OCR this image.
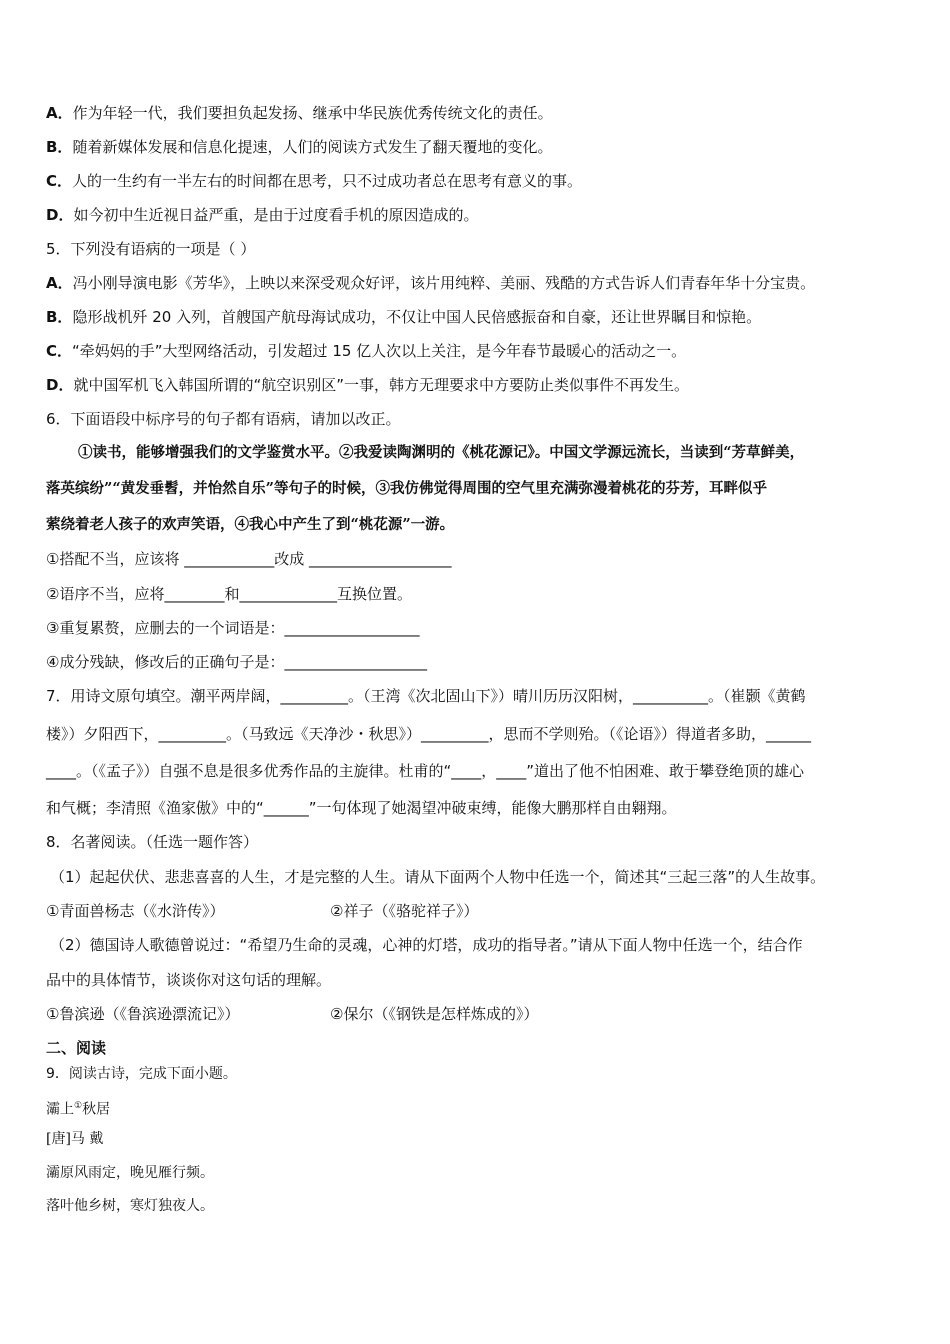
A．作为年轻一代，我们要担负起发扬、继承中华民族优秀传统文化的责任。
B．随着新媒体发展和信息化提速，人们的阅读方式发生了翻天覆地的变化。
C．人的一生约有一半左右的时间都在思考，只不过成功者总在思考有意义的事。
D．如今初中生近视日益严重，是由于过度看手机的原因造成的。
5．下列没有语病的一项是（ ）
A．冯小刚导演电影《芳华》，上映以来深受观众好评，该片用纯粹、美丽、残酷的方式告诉人们青春年华十分宝贵。
B．隐形战机歼 20 入列，首艘国产航母海试成功，不仅让中国人民倍感振奋和自豪，还让世界瞩目和惊艳。
C．“牵妈妈的手”大型网络活动，引发超过 15 亿人次以上关注，是今年春节最暖心的活动之一。
D．就中国军机飞入韩国所谓的“航空识别区”一事，韩方无理要求中方要防止类似事件不再发生。
6．下面语段中标序号的句子都有语病，请加以改正。
①读书，能够增强我们的文学鉴赏水平。②我爱读陶渊明的《桃花源记》。中国文学源远流长，当读到“芳草鲜美，
落英缤纷”“黄发垂髫，并怡然自乐”等句子的时候，③我仿佛觉得周围的空气里充满弥漫着桃花的芬芳，耳畔似乎
萦绕着老人孩子的欢声笑语，④我心中产生了到“桃花源”一游。
①搭配不当，应该将 ____________改成 ___________________
②语序不当，应将________和_____________互换位置。
③重复累赘，应删去的一个词语是：__________________
④成分残缺，修改后的正确句子是：___________________
7．用诗文原句填空。潮平两岸阔，_________。（王湾《次北固山下》）晴川历历汉阳树，__________。（崔颢《黄鹤
楼》）夕阳西下，_________。（马致远《天净沙・秋思》）_________，思而不学则殆。（《论语》）得道者多助，______
____。（《孟子》）自强不息是很多优秀作品的主旋律。杜甫的“____，____”道出了他不怕困难、敢于攀登绝顶的雄心
和气概；李清照《渔家傲》中的“______”一句体现了她渴望冲破束缚，能像大鹏那样自由翱翔。
8．名著阅读。（任选一题作答）
（1）起起伏伏、悲悲喜喜的人生，才是完整的人生。请从下面两个人物中任选一个，简述其“三起三落”的人生故事。
①青面兽杨志（《水浒传》）	②祥子（《骆驼祥子》）
（2）德国诗人歌德曾说过：“希望乃生命的灵魂，心神的灯塔，成功的指导者。”请从下面人物中任选一个，结合作
品中的具体情节，谈谈你对这句话的理解。
①鲁滨逊（《鲁滨逊漂流记》）	②保尔（《钢铁是怎样炼成的》）
二、阅读
9．阅读古诗，完成下面小题。
灞上①秋居
[唐]马 戴
灞原风雨定，晚见雁行频。
落叶他乡树，寒灯独夜人。
